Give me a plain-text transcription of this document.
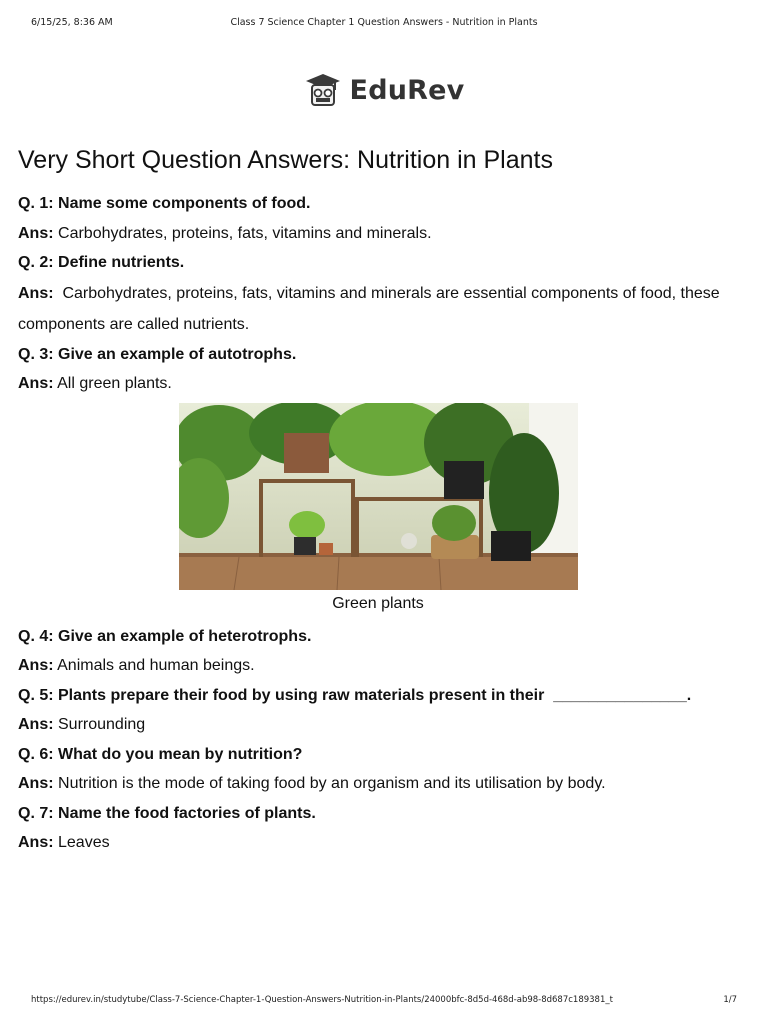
6/15/25, 8:36 AM	Class 7 Science Chapter 1 Question Answers - Nutrition in Plants
EduRev
Very Short Question Answers: Nutrition in Plants
Q. 1: Name some components of food.
Ans: Carbohydrates, proteins, fats, vitamins and minerals.
Q. 2: Define nutrients.
Ans:  Carbohydrates, proteins, fats, vitamins and minerals are essential components of food, these components are called nutrients.
Q. 3: Give an example of autotrophs.
Ans: All green plants.
Green plants
Q. 4: Give an example of heterotrophs.
Ans: Animals and human beings.
Q. 5: Plants prepare their food by using raw materials present in their  _______________.
Ans: Surrounding
Q. 6: What do you mean by nutrition?
Ans: Nutrition is the mode of taking food by an organism and its utilisation by body.
Q. 7: Name the food factories of plants.
Ans: Leaves
https://edurev.in/studytube/Class-7-Science-Chapter-1-Question-Answers-Nutrition-in-Plants/24000bfc-8d5d-468d-ab98-8d687c189381_t	1/7
